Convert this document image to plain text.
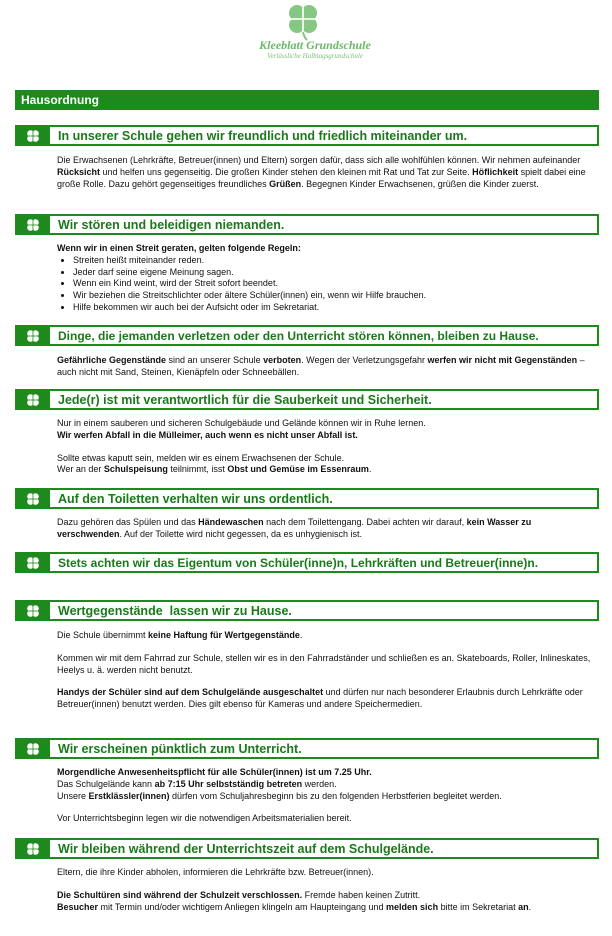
Kleeblatt Grundschule
Verlässliche Halbtagsgrundschule
Hausordnung
In unserer Schule gehen wir freundlich und friedlich miteinander um.

Die Erwachsenen (Lehrkräfte, Betreuer(innen) und Eltern) sorgen dafür, dass sich alle wohlfühlen können. Wir nehmen aufeinander Rücksicht und helfen uns gegenseitig. Die großen Kinder stehen den kleinen mit Rat und Tat zur Seite. Höflichkeit spielt dabei eine große Rolle. Dazu gehört gegenseitiges freundliches Grüßen. Begegnen Kinder Erwachsenen, grüßen die Kinder zuerst.

Wir stören und beleidigen niemanden.

Wenn wir in einen Streit geraten, gelten folgende Regeln:

• Streiten heißt miteinander reden.
• Jeder darf seine eigene Meinung sagen.
• Wenn ein Kind weint, wird der Streit sofort beendet.
• Wir beziehen die Streitschlichter oder ältere Schüler(innen) ein, wenn wir Hilfe brauchen.
• Hilfe bekommen wir auch bei der Aufsicht oder im Sekretariat.
Dinge, die jemanden verletzen oder den Unterricht stören können, bleiben zu Hause.

Gefährliche Gegenstände sind an unserer Schule verboten. Wegen der Verletzungsgefahr werfen wir nicht mit Gegenständen – auch nicht mit Sand, Steinen, Kienäpfeln oder Schneebällen.

Jede(r) ist mit verantwortlich für die Sauberkeit und Sicherheit.

Nur in einem sauberen und sicheren Schulgebäude und Gelände können wir in Ruhe lernen.

Wir werfen Abfall in die Mülleimer, auch wenn es nicht unser Abfall ist.

Sollte etwas kaputt sein, melden wir es einem Erwachsenen der Schule.

Wer an der Schulspeisung teilnimmt, isst Obst und Gemüse im Essenraum.

Auf den Toiletten verhalten wir uns ordentlich.

Dazu gehören das Spülen und das Händewaschen nach dem Toilettengang. Dabei achten wir darauf, kein Wasser zu verschwenden. Auf der Toilette wird nicht gegessen, da es unhygienisch ist.

Stets achten wir das Eigentum von Schüler(inne)n, Lehrkräften und Betreuer(inne)n.
Wertgegenstände  lassen wir zu Hause.

Die Schule übernimmt keine Haftung für Wertgegenstände.

Kommen wir mit dem Fahrrad zur Schule, stellen wir es in den Fahrradständer und schließen es an. Skateboards, Roller, Inlineskates, Heelys u. ä. werden nicht benutzt.

Handys der Schüler sind auf dem Schulgelände ausgeschaltet und dürfen nur nach besonderer Erlaubnis durch Lehrkräfte oder Betreuer(innen) benutzt werden. Dies gilt ebenso für Kameras und andere Speichermedien.

Wir erscheinen pünktlich zum Unterricht.

Morgendliche Anwesenheitspflicht für alle Schüler(innen) ist um 7.25 Uhr.

Das Schulgelände kann ab 7:15 Uhr selbstständig betreten werden.

Unsere Erstklässler(innen) dürfen vom Schuljahresbeginn bis zu den folgenden Herbstferien begleitet werden.

Vor Unterrichtsbeginn legen wir die notwendigen Arbeitsmaterialien bereit.

Wir bleiben während der Unterrichtszeit auf dem Schulgelände.

Eltern, die ihre Kinder abholen, informieren die Lehrkräfte bzw. Betreuer(innen).

Die Schultüren sind während der Schulzeit verschlossen. Fremde haben keinen Zutritt.

Besucher mit Termin und/oder wichtigem Anliegen klingeln am Haupteingang und melden sich bitte im Sekretariat an.
